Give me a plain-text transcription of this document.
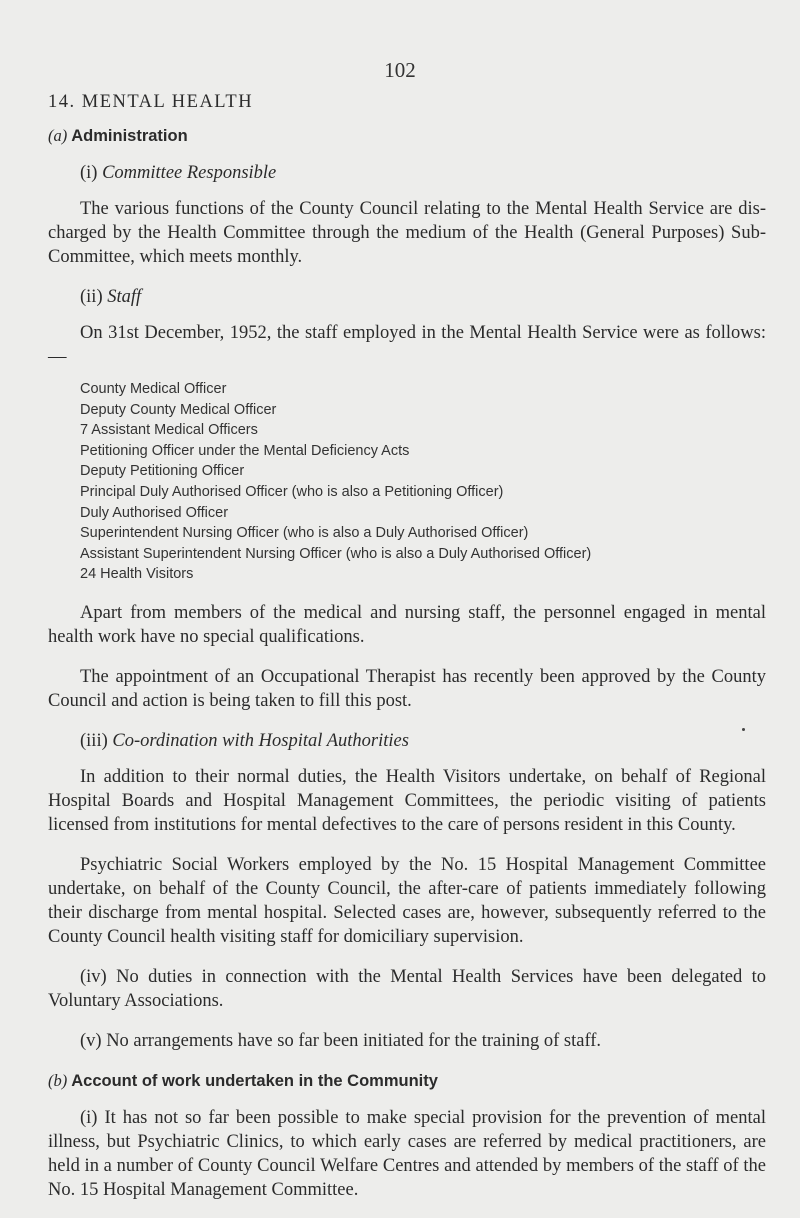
102
14. MENTAL HEALTH
(a) Administration
(i) Committee Responsible

The various functions of the County Council relating to the Mental Health Service are dis-charged by the Health Committee through the medium of the Health (General Purposes) Sub-Committee, which meets monthly.

(ii) Staff

On 31st December, 1952, the staff employed in the Mental Health Service were as follows:—

County Medical Officer
Deputy County Medical Officer
7 Assistant Medical Officers
Petitioning Officer under the Mental Deficiency Acts
Deputy Petitioning Officer
Principal Duly Authorised Officer (who is also a Petitioning Officer)
Duly Authorised Officer
Superintendent Nursing Officer (who is also a Duly Authorised Officer)
Assistant Superintendent Nursing Officer (who is also a Duly Authorised Officer)
24 Health Visitors

Apart from members of the medical and nursing staff, the personnel engaged in mental health work have no special qualifications.

The appointment of an Occupational Therapist has recently been approved by the County Council and action is being taken to fill this post.

(iii) Co-ordination with Hospital Authorities

In addition to their normal duties, the Health Visitors undertake, on behalf of Regional Hospital Boards and Hospital Management Committees, the periodic visiting of patients licensed from institutions for mental defectives to the care of persons resident in this County.

Psychiatric Social Workers employed by the No. 15 Hospital Management Committee undertake, on behalf of the County Council, the after-care of patients immediately following their discharge from mental hospital. Selected cases are, however, subsequently referred to the County Council health visiting staff for domiciliary supervision.

(iv) No duties in connection with the Mental Health Services have been delegated to Voluntary Associations.

(v) No arrangements have so far been initiated for the training of staff.

(b) Account of work undertaken in the Community

(i) It has not so far been possible to make special provision for the prevention of mental illness, but Psychiatric Clinics, to which early cases are referred by medical practitioners, are held in a number of County Council Welfare Centres and attended by members of the staff of the No. 15 Hospital Management Committee.
